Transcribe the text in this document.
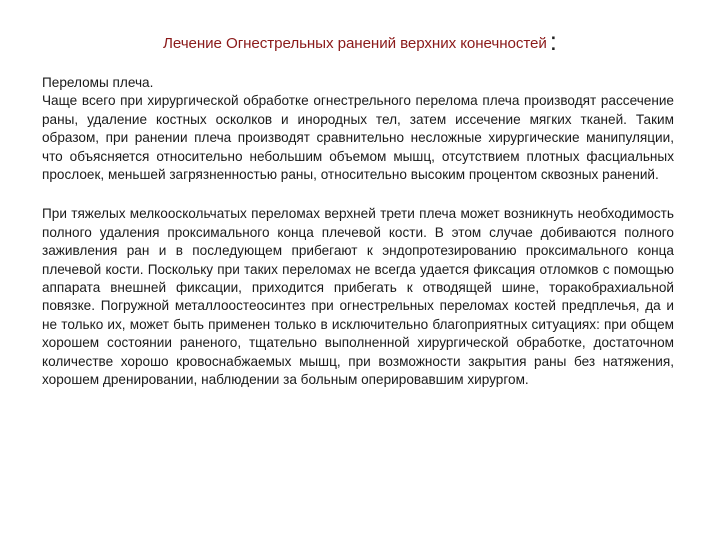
Лечение Огнестрельных ранений верхних конечностей :

Переломы плеча.

Чаще всего при хирургической обработке огнестрельного перелома плеча производят рассечение раны, удаление костных осколков и инородных тел, затем иссечение мягких тканей. Таким образом, при ранении плеча производят сравнительно несложные хирургические манипуляции, что объясняется относительно небольшим объемом мышц, отсутствием плотных фасциальных прослоек, меньшей загрязненностью раны, относительно высоким процентом сквозных ранений.

При тяжелых мелкооскольчатых переломах верхней трети плеча может возникнуть необходимость полного удаления проксимального конца плечевой кости. В этом случае добиваются полного заживления ран и в последующем прибегают к эндопротезированию проксимального конца плечевой кости. Поскольку при таких переломах не всегда удается фиксация отломков с помощью аппарата внешней фиксации, приходится прибегать к отводящей шине, торакобрахиальной повязке. Погружной металлоостеосинтез при огнестрельных переломах костей предплечья, да и не только их, может быть применен только в исключительно благоприятных ситуациях: при общем хорошем состоянии раненого, тщательно выполненной хирургической обработке, достаточном количестве хорошо кровоснабжаемых мышц, при возможности закрытия раны без натяжения, хорошем дренировании, наблюдении за больным оперировавшим хирургом.
